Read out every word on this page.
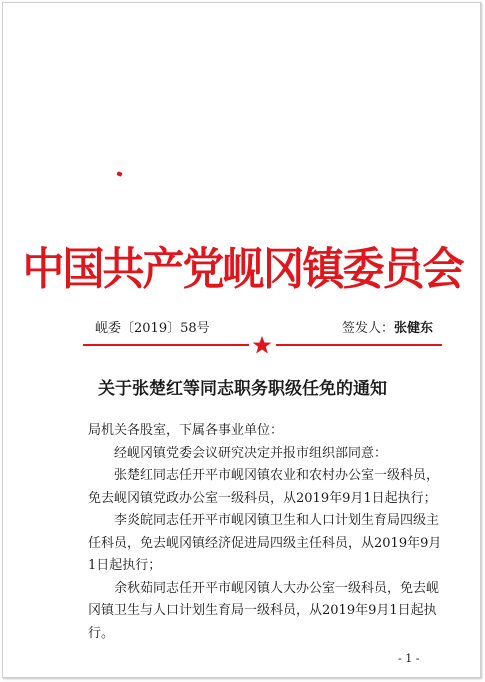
中国共产党岘冈镇委员会
岘委〔2019〕58号	签发人：张健东
关于张楚红等同志职务职级任免的通知

局机关各股室，下属各事业单位：

经岘冈镇党委会议研究决定并报市组织部同意：

张楚红同志任开平市岘冈镇农业和农村办公室一级科员，免去岘冈镇党政办公室一级科员，从2019年9月1日起执行；

李炎皖同志任开平市岘冈镇卫生和人口计划生育局四级主任科员，免去岘冈镇经济促进局四级主任科员，从2019年9月1日起执行；

余秋茹同志任开平市岘冈镇人大办公室一级科员，免去岘冈镇卫生与人口计划生育局一级科员，从2019年9月1日起执行。

- 1 -
